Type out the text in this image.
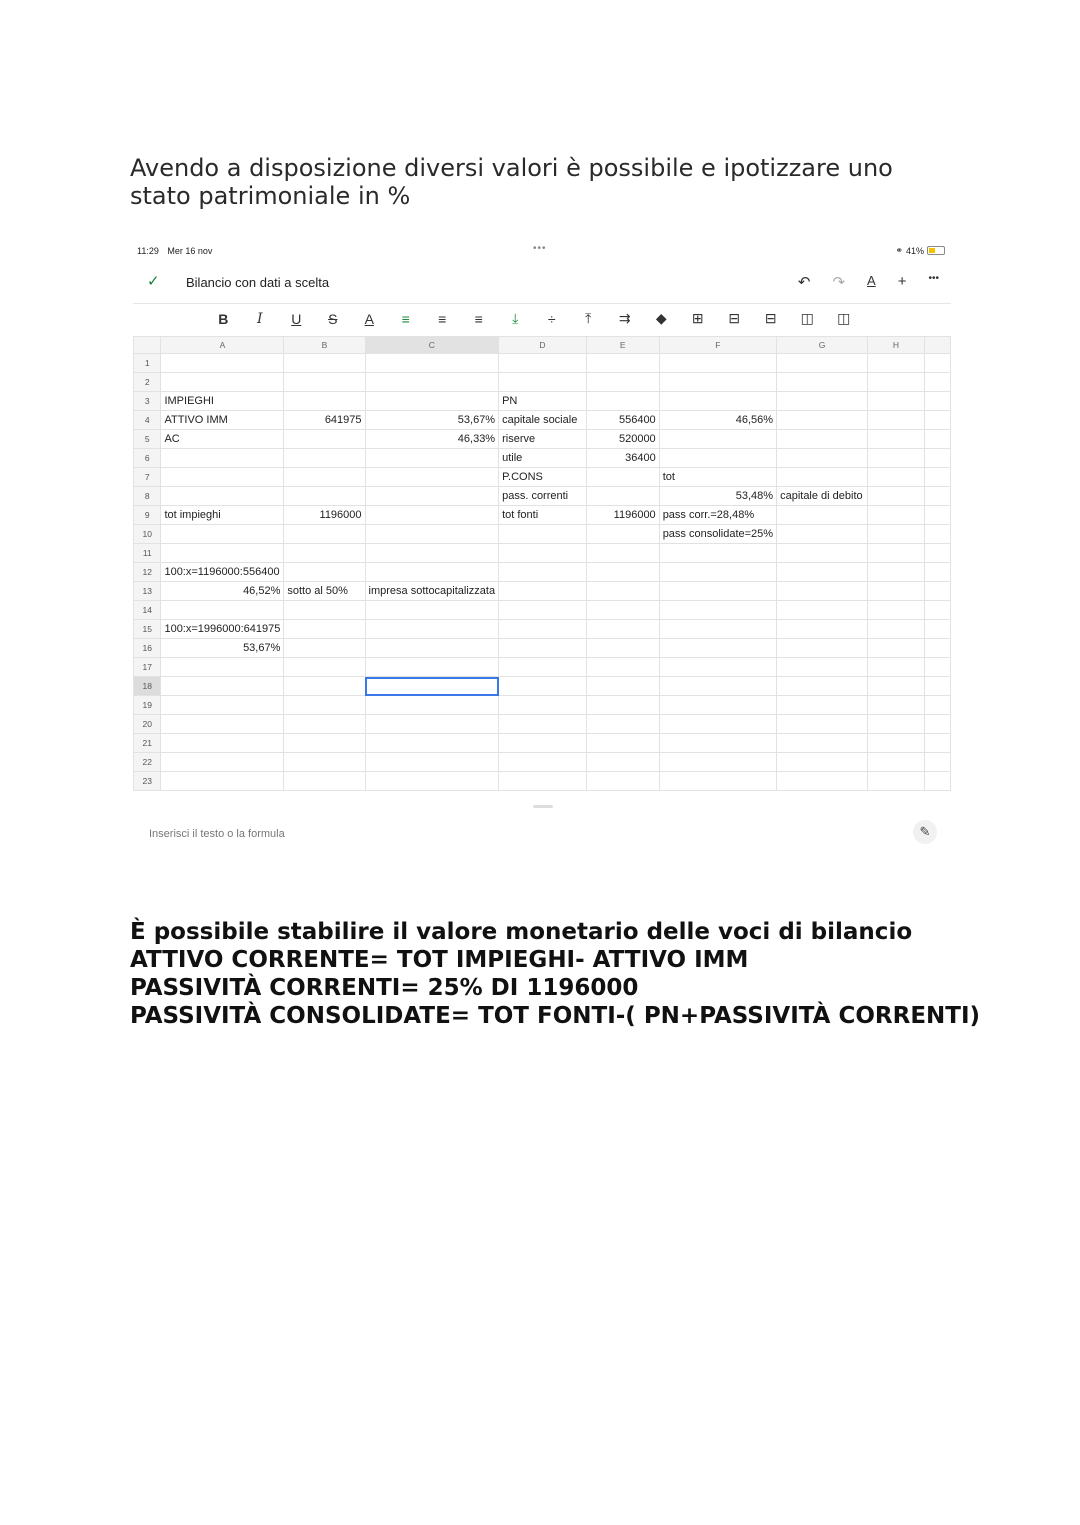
Avendo a disposizione diversi valori è possibile e ipotizzare uno stato patrimoniale in %
11:29 Mer 16 nov	•••	⚭ 41%
✓ Bilancio con dati a scelta	↶ ↷ A + •••
B	I	U	S	A	≡	≡	≡	⤓	÷	⤒	⇉	◆	⊞	⊟	⊟	◫	◫
	A	B	C	D	E	F	G	H	
1									
2									
3	IMPIEGHI			PN					
4	ATTIVO IMM	641975	53,67%	capitale sociale	556400	46,56%			
5	AC		46,33%	riserve	520000				
6				utile	36400				
7				P.CONS		tot			
8				pass. correnti		53,48%	capitale di debito		
9	tot impieghi	1196000		tot fonti	1196000	pass corr.=28,48%			
10						pass consolidate=25%			
11									
12	100:x=1196000:556400								
13	46,52%	sotto al 50%	impresa sottocapitalizzata						
14									
15	100:x=1996000:641975								
16	53,67%								
17									
18									
19									
20									
21									
22									
23									
Inserisci il testo o la formula	✎
È possibile stabilire il valore monetario delle voci di bilancio
ATTIVO CORRENTE= TOT IMPIEGHI- ATTIVO IMM
PASSIVITÀ CORRENTI= 25% DI 1196000
PASSIVITÀ CONSOLIDATE= TOT FONTI-( PN+PASSIVITÀ CORRENTI)
